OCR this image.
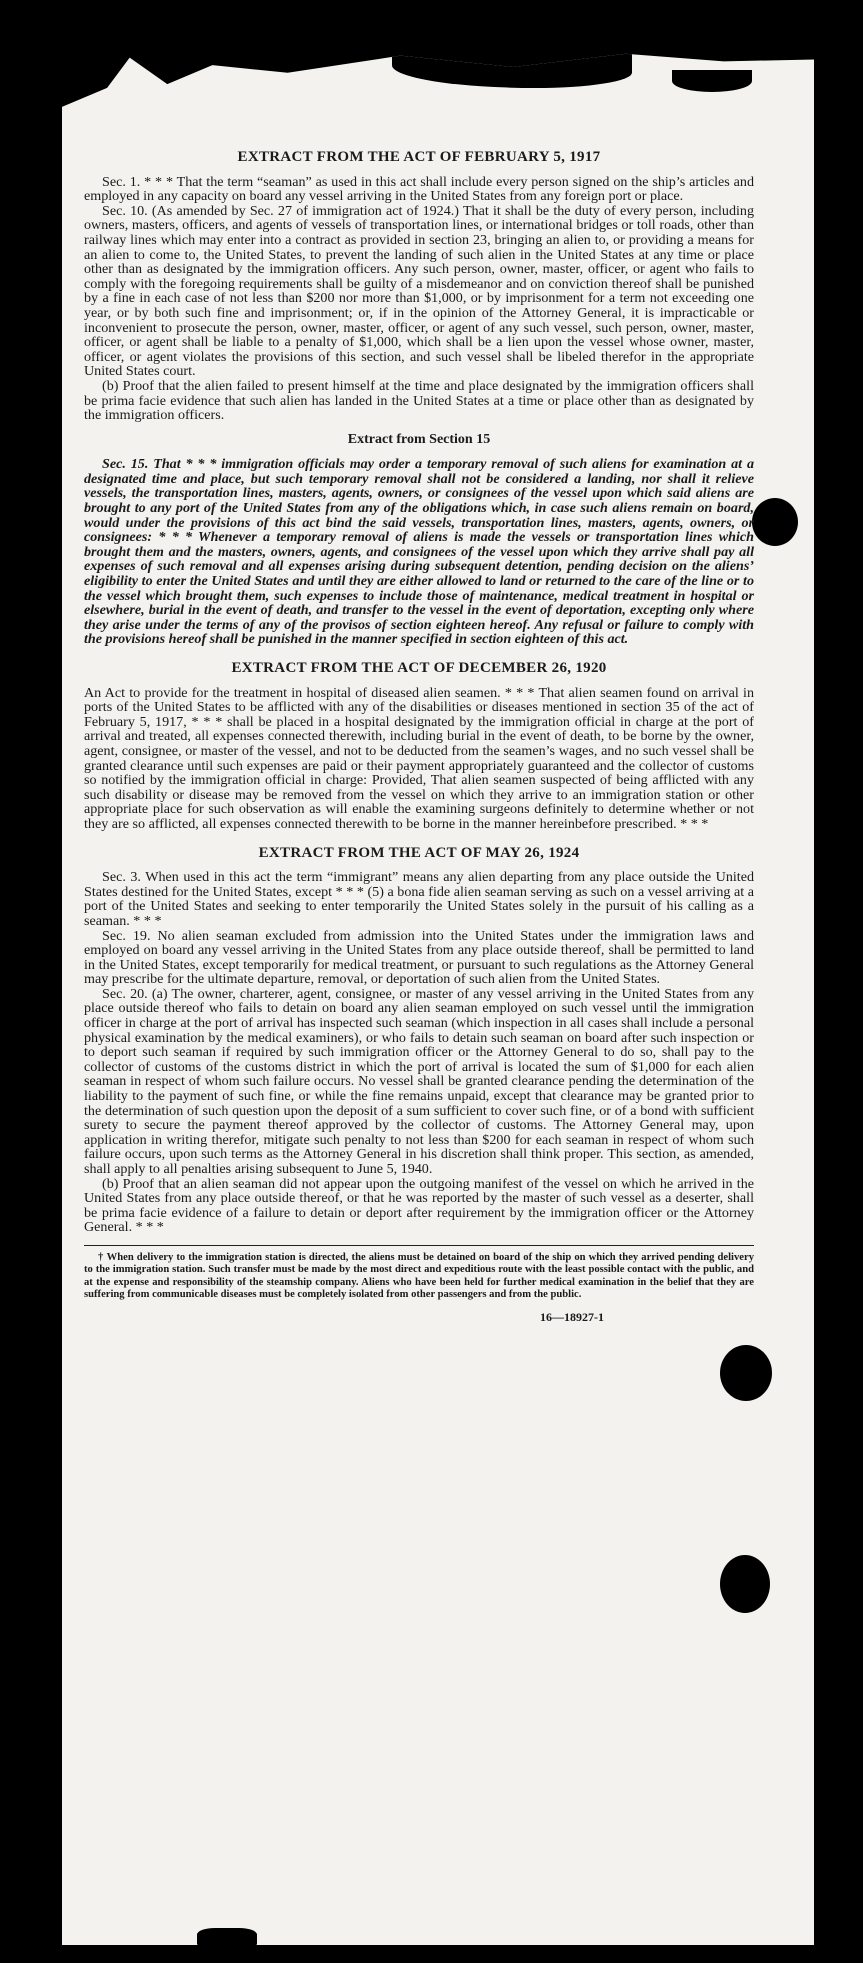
EXTRACT FROM THE ACT OF FEBRUARY 5, 1917

Sec. 1. * * * That the term “seaman” as used in this act shall include every person signed on the ship’s articles and employed in any capacity on board any vessel arriving in the United States from any foreign port or place.

Sec. 10. (As amended by Sec. 27 of immigration act of 1924.) That it shall be the duty of every person, including owners, masters, officers, and agents of vessels of transportation lines, or international bridges or toll roads, other than railway lines which may enter into a contract as provided in section 23, bringing an alien to, or providing a means for an alien to come to, the United States, to prevent the landing of such alien in the United States at any time or place other than as designated by the immigration officers. Any such person, owner, master, officer, or agent who fails to comply with the foregoing requirements shall be guilty of a misdemeanor and on conviction thereof shall be punished by a fine in each case of not less than $200 nor more than $1,000, or by imprisonment for a term not exceeding one year, or by both such fine and imprisonment; or, if in the opinion of the Attorney General, it is impracticable or inconvenient to prosecute the person, owner, master, officer, or agent of any such vessel, such person, owner, master, officer, or agent shall be liable to a penalty of $1,000, which shall be a lien upon the vessel whose owner, master, officer, or agent violates the provisions of this section, and such vessel shall be libeled therefor in the appropriate United States court.

(b) Proof that the alien failed to present himself at the time and place designated by the immigration officers shall be prima facie evidence that such alien has landed in the United States at a time or place other than as designated by the immigration officers.

Extract from Section 15

Sec. 15. That * * * immigration officials may order a temporary removal of such aliens for examination at a designated time and place, but such temporary removal shall not be considered a landing, nor shall it relieve vessels, the transportation lines, masters, agents, owners, or consignees of the vessel upon which said aliens are brought to any port of the United States from any of the obligations which, in case such aliens remain on board, would under the provisions of this act bind the said vessels, transportation lines, masters, agents, owners, or consignees: * * * Whenever a temporary removal of aliens is made the vessels or transportation lines which brought them and the masters, owners, agents, and consignees of the vessel upon which they arrive shall pay all expenses of such removal and all expenses arising during subsequent detention, pending decision on the aliens’ eligibility to enter the United States and until they are either allowed to land or returned to the care of the line or to the vessel which brought them, such expenses to include those of maintenance, medical treatment in hospital or elsewhere, burial in the event of death, and transfer to the vessel in the event of deportation, excepting only where they arise under the terms of any of the provisos of section eighteen hereof. Any refusal or failure to comply with the provisions hereof shall be punished in the manner specified in section eighteen of this act.

EXTRACT FROM THE ACT OF DECEMBER 26, 1920

An Act to provide for the treatment in hospital of diseased alien seamen. * * * That alien seamen found on arrival in ports of the United States to be afflicted with any of the disabilities or diseases mentioned in section 35 of the act of February 5, 1917, * * * shall be placed in a hospital designated by the immigration official in charge at the port of arrival and treated, all expenses connected therewith, including burial in the event of death, to be borne by the owner, agent, consignee, or master of the vessel, and not to be deducted from the seamen’s wages, and no such vessel shall be granted clearance until such expenses are paid or their payment appropriately guaranteed and the collector of customs so notified by the immigration official in charge: Provided, That alien seamen suspected of being afflicted with any such disability or disease may be removed from the vessel on which they arrive to an immigration station or other appropriate place for such observation as will enable the examining surgeons definitely to determine whether or not they are so afflicted, all expenses connected therewith to be borne in the manner hereinbefore prescribed. * * *

EXTRACT FROM THE ACT OF MAY 26, 1924

Sec. 3. When used in this act the term “immigrant” means any alien departing from any place outside the United States destined for the United States, except * * * (5) a bona fide alien seaman serving as such on a vessel arriving at a port of the United States and seeking to enter temporarily the United States solely in the pursuit of his calling as a seaman. * * *

Sec. 19. No alien seaman excluded from admission into the United States under the immigration laws and employed on board any vessel arriving in the United States from any place outside thereof, shall be permitted to land in the United States, except temporarily for medical treatment, or pursuant to such regulations as the Attorney General may prescribe for the ultimate departure, removal, or deportation of such alien from the United States.

Sec. 20. (a) The owner, charterer, agent, consignee, or master of any vessel arriving in the United States from any place outside thereof who fails to detain on board any alien seaman employed on such vessel until the immigration officer in charge at the port of arrival has inspected such seaman (which inspection in all cases shall include a personal physical examination by the medical examiners), or who fails to detain such seaman on board after such inspection or to deport such seaman if required by such immigration officer or the Attorney General to do so, shall pay to the collector of customs of the customs district in which the port of arrival is located the sum of $1,000 for each alien seaman in respect of whom such failure occurs. No vessel shall be granted clearance pending the determination of the liability to the payment of such fine, or while the fine remains unpaid, except that clearance may be granted prior to the determination of such question upon the deposit of a sum sufficient to cover such fine, or of a bond with sufficient surety to secure the payment thereof approved by the collector of customs. The Attorney General may, upon application in writing therefor, mitigate such penalty to not less than $200 for each seaman in respect of whom such failure occurs, upon such terms as the Attorney General in his discretion shall think proper. This section, as amended, shall apply to all penalties arising subsequent to June 5, 1940.

(b) Proof that an alien seaman did not appear upon the outgoing manifest of the vessel on which he arrived in the United States from any place outside thereof, or that he was reported by the master of such vessel as a deserter, shall be prima facie evidence of a failure to detain or deport after requirement by the immigration officer or the Attorney General. * * *

† When delivery to the immigration station is directed, the aliens must be detained on board of the ship on which they arrived pending delivery to the immigration station. Such transfer must be made by the most direct and expeditious route with the least possible contact with the public, and at the expense and responsibility of the steamship company. Aliens who have been held for further medical examination in the belief that they are suffering from communicable diseases must be completely isolated from other passengers and from the public.
16—18927-1
